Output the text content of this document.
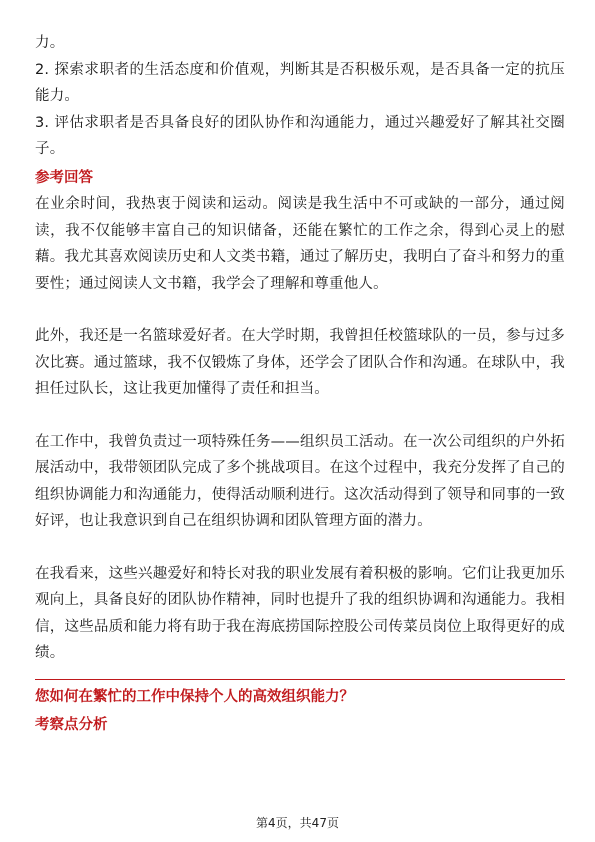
力。

2. 探索求职者的生活态度和价值观，判断其是否积极乐观，是否具备一定的抗压能力。

3. 评估求职者是否具备良好的团队协作和沟通能力，通过兴趣爱好了解其社交圈子。

参考回答

在业余时间，我热衷于阅读和运动。阅读是我生活中不可或缺的一部分，通过阅读，我不仅能够丰富自己的知识储备，还能在繁忙的工作之余，得到心灵上的慰藉。我尤其喜欢阅读历史和人文类书籍，通过了解历史，我明白了奋斗和努力的重要性；通过阅读人文书籍，我学会了理解和尊重他人。

此外，我还是一名篮球爱好者。在大学时期，我曾担任校篮球队的一员，参与过多次比赛。通过篮球，我不仅锻炼了身体，还学会了团队合作和沟通。在球队中，我担任过队长，这让我更加懂得了责任和担当。

在工作中，我曾负责过一项特殊任务——组织员工活动。在一次公司组织的户外拓展活动中，我带领团队完成了多个挑战项目。在这个过程中，我充分发挥了自己的组织协调能力和沟通能力，使得活动顺利进行。这次活动得到了领导和同事的一致好评，也让我意识到自己在组织协调和团队管理方面的潜力。

在我看来，这些兴趣爱好和特长对我的职业发展有着积极的影响。它们让我更加乐观向上，具备良好的团队协作精神，同时也提升了我的组织协调和沟通能力。我相信，这些品质和能力将有助于我在海底捞国际控股公司传菜员岗位上取得更好的成绩。

您如何在繁忙的工作中保持个人的高效组织能力？
考察点分析
第4页，共47页
